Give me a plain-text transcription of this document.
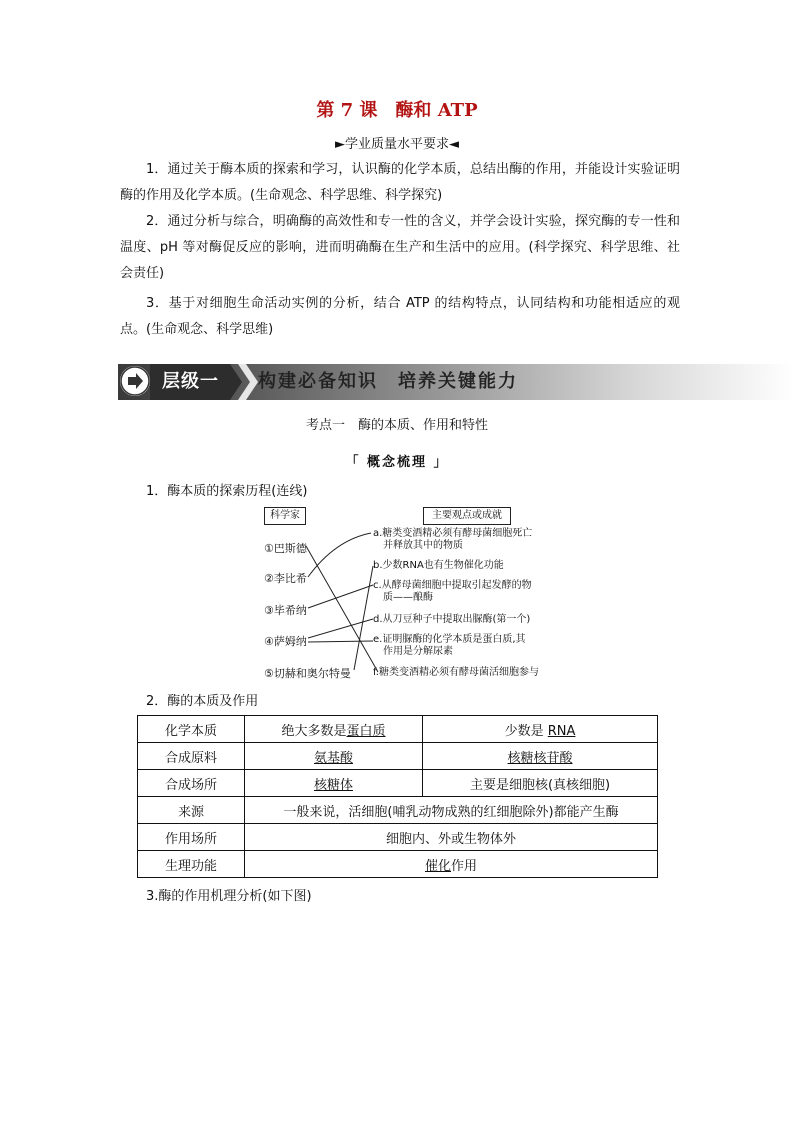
第 7 课　酶和 ATP
►学业质量水平要求◄
1．通过关于酶本质的探索和学习，认识酶的化学本质，总结出酶的作用，并能设计实验证明酶的作用及化学本质。(生命观念、科学思维、科学探究)
2．通过分析与综合，明确酶的高效性和专一性的含义，并学会设计实验，探究酶的专一性和温度、pH 等对酶促反应的影响，进而明确酶在生产和生活中的应用。(科学探究、科学思维、社会责任)
3．基于对细胞生命活动实例的分析，结合 ATP 的结构特点，认同结构和功能相适应的观点。(生命观念、科学思维)
层级一 构建必备知识　培养关键能力
考点一　酶的本质、作用和特性
「 概念梳理 」
1．酶本质的探索历程(连线)
科学家	主要观点或成就
①巴斯德
②李比希
③毕希纳
④萨姆纳
⑤切赫和奥尔特曼
a.糖类变酒精必须有酵母菌细胞死亡
并释放其中的物质
b.少数RNA也有生物催化功能
c.从酵母菌细胞中提取引起发酵的物
质——酿酶
d.从刀豆种子中提取出脲酶(第一个)
e.证明脲酶的化学本质是蛋白质,其
作用是分解尿素
f.糖类变酒精必须有酵母菌活细胞参与
2．酶的本质及作用
化学本质	绝大多数是蛋白质	少数是 RNA
合成原料	氨基酸	核糖核苷酸
合成场所	核糖体	主要是细胞核(真核细胞)
来源	一般来说，活细胞(哺乳动物成熟的红细胞除外)都能产生酶	
作用场所	细胞内、外或生物体外	
生理功能	催化作用	
3.酶的作用机理分析(如下图)
